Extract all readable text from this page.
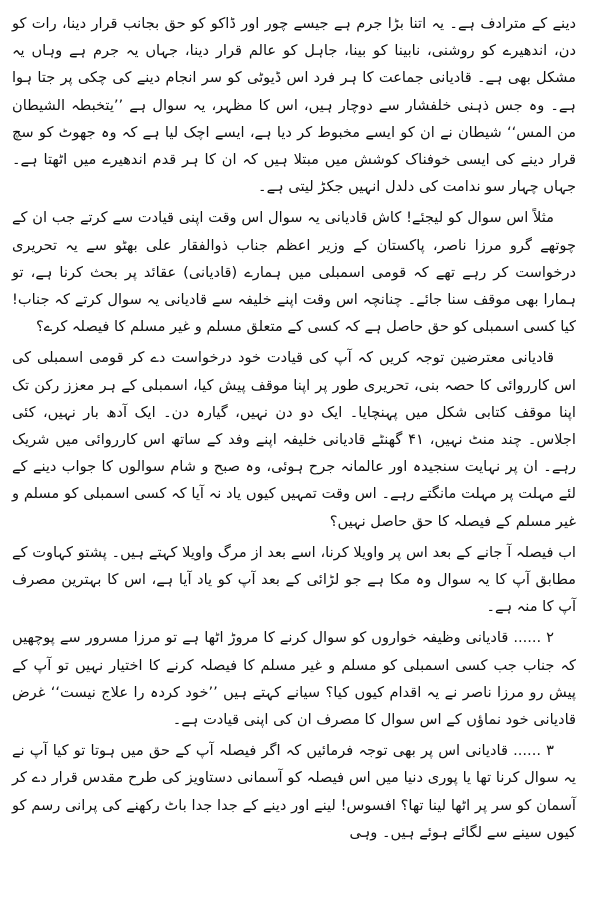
دینے کے مترادف ہے۔ یہ اتنا بڑا جرم ہے جیسے چور اور ڈاکو کو حق بجانب قرار دینا، رات کو دن، اندھیرے کو روشنی، نابینا کو بینا، جاہل کو عالم قرار دینا، جہاں یہ جرم ہے وہاں یہ مشکل بھی ہے۔ قادیانی جماعت کا ہر فرد اس ڈیوٹی کو سر انجام دینے کی چکی پر جتا ہوا ہے۔ وہ جس ذہنی خلفشار سے دوچار ہیں، اس کا مظہر، یہ سوال ہے ’’یتخبطہ الشیطان من المس‘‘ شیطان نے ان کو ایسے مخبوط کر دیا ہے، ایسے اچک لیا ہے کہ وہ جھوٹ کو سچ قرار دینے کی ایسی خوفناک کوشش میں مبتلا ہیں کہ ان کا ہر قدم اندھیرے میں اٹھتا ہے۔ جہاں چہار سو ندامت کی دلدل انہیں جکڑ لیتی ہے۔

مثلاً اس سوال کو لیجئے! کاش قادیانی یہ سوال اس وقت اپنی قیادت سے کرتے جب ان کے چوتھے گرو مرزا ناصر، پاکستان کے وزیر اعظم جناب ذوالفقار علی بھٹو سے یہ تحریری درخواست کر رہے تھے کہ قومی اسمبلی میں ہمارے (قادیانی) عقائد پر بحث کرنا ہے، تو ہمارا بھی موقف سنا جائے۔ چنانچہ اس وقت اپنے خلیفہ سے قادیانی یہ سوال کرتے کہ جناب! کیا کسی اسمبلی کو حق حاصل ہے کہ کسی کے متعلق مسلم و غیر مسلم کا فیصلہ کرے؟

قادیانی معترضین توجہ کریں کہ آپ کی قیادت خود درخواست دے کر قومی اسمبلی کی اس کارروائی کا حصہ بنی، تحریری طور پر اپنا موقف پیش کیا، اسمبلی کے ہر معزز رکن تک اپنا موقف کتابی شکل میں پہنچایا۔ ایک دو دن نہیں، گیارہ دن۔ ایک آدھ بار نہیں، کئی اجلاس۔ چند منٹ نہیں، ۴۱ گھنٹے قادیانی خلیفہ اپنے وفد کے ساتھ اس کارروائی میں شریک رہے۔ ان پر نہایت سنجیدہ اور عالمانہ جرح ہوئی، وہ صبح و شام سوالوں کا جواب دینے کے لئے مہلت پر مہلت مانگتے رہے۔ اس وقت تمہیں کیوں یاد نہ آیا کہ کسی اسمبلی کو مسلم و غیر مسلم کے فیصلہ کا حق حاصل نہیں؟

اب فیصلہ آ جانے کے بعد اس پر واویلا کرنا، اسے بعد از مرگ واویلا کہتے ہیں۔ پشتو کہاوت کے مطابق آپ کا یہ سوال وہ مکا ہے جو لڑائی کے بعد آپ کو یاد آیا ہے، اس کا بہترین مصرف آپ کا منہ ہے۔

۲ ...... قادیانی وظیفہ خواروں کو سوال کرنے کا مروڑ اٹھا ہے تو مرزا مسرور سے پوچھیں کہ جناب جب کسی اسمبلی کو مسلم و غیر مسلم کا فیصلہ کرنے کا اختیار نہیں تو آپ کے پیش رو مرزا ناصر نے یہ اقدام کیوں کیا؟ سیانے کہتے ہیں ’’خود کردہ را علاج نیست‘‘ غرض قادیانی خود نماؤں کے اس سوال کا مصرف ان کی اپنی قیادت ہے۔

۳ ...... قادیانی اس پر بھی توجہ فرمائیں کہ اگر فیصلہ آپ کے حق میں ہوتا تو کیا آپ نے یہ سوال کرنا تھا یا پوری دنیا میں اس فیصلہ کو آسمانی دستاویز کی طرح مقدس قرار دے کر آسمان کو سر پر اٹھا لینا تھا؟ افسوس! لینے اور دینے کے جدا جدا باٹ رکھنے کی پرانی رسم کو کیوں سینے سے لگائے ہوئے ہیں۔ وہی
